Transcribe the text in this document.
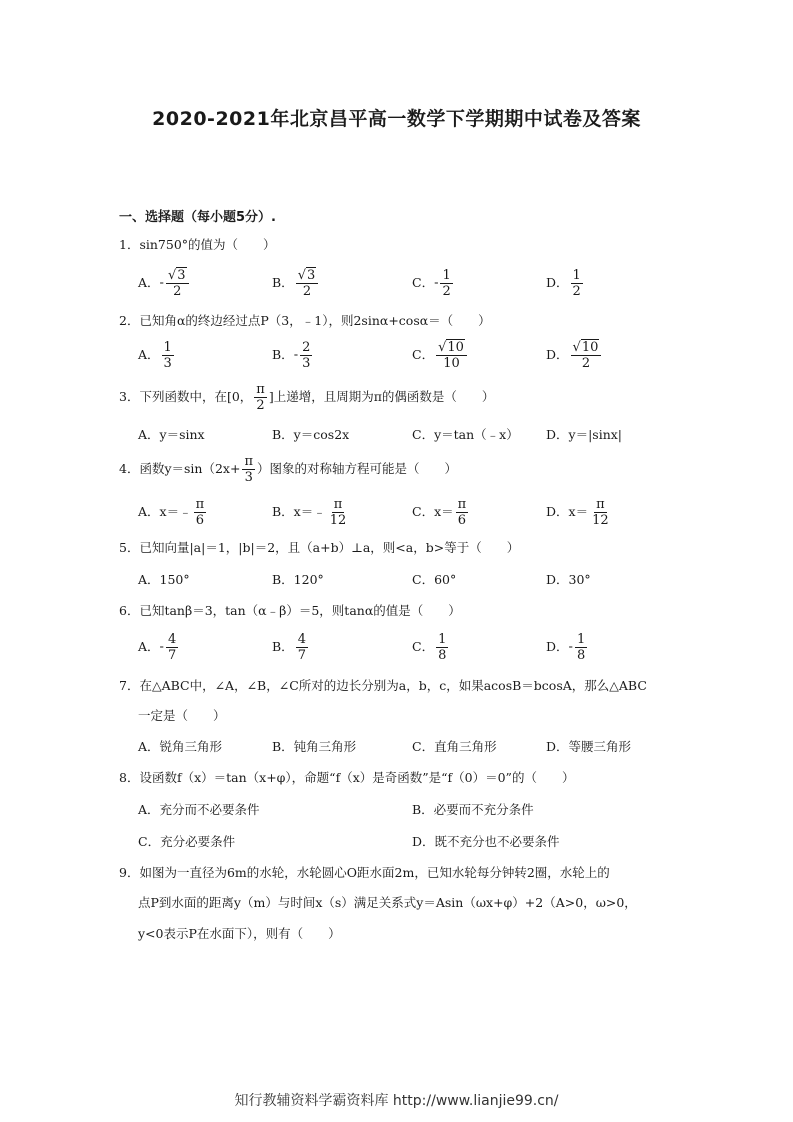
2020-2021年北京昌平高一数学下学期期中试卷及答案
一、选择题（每小题5分）.
1．sin750°的值为（　　）
A．- $\frac{√3}{2}$	B． $\frac{√3}{2}$	C．- $\frac{1}{2}$	D． $\frac{1}{2}$
2．已知角α的终边经过点P（3，﹣1），则2sinα+cosα＝（　　）
A． $\frac{1}{3}$	B．- $\frac{2}{3}$	C． $\frac{√10}{10}$	D． $\frac{√10}{2}$
3．下列函数中，在[0， $\frac{\pi}{2}$ ]上递增，且周期为π的偶函数是（　　）
A．y＝sinx	B．y＝cos2x	C．y＝tan（﹣x） D．y＝|sinx|
4．函数$y=\sin(2x+ \frac{\pi}{3}$ ）图象的对称轴方程可能是（　　）
A．x＝﹣ $\frac{\pi}{6}$	B．x＝﹣ $\frac{\pi}{12}$	C．$x= \frac{\pi}{6}$	D．$x= \frac{\pi}{12}$
5．已知向量|a|＝1，|b|＝2，且（a+b）⊥a，则<a，b>等于（　　）
A．150°	B．120°	C．60°	D．30°
6．已知tanβ＝3，tan（α﹣β）＝5，则tanα的值是（　　）
A．- $\frac{4}{7}$	B． $\frac{4}{7}$	C． $\frac{1}{8}$	D．- $\frac{1}{8}$
7．在△ABC中，∠A，∠B，∠C所对的边长分别为a，b，c，如果acosB＝bcosA，那么△ABC
一定是（　　）
A．锐角三角形	B．钝角三角形	C．直角三角形	D．等腰三角形
8．设函数f（x）＝tan（x+φ），命题“f（x）是奇函数”是“f（0）＝0”的（　　）
A．充分而不必要条件	B．必要而不充分条件
C．充分必要条件	D．既不充分也不必要条件
9．如图为一直径为6m的水轮，水轮圆心O距水面2m，已知水轮每分钟转2圈，水轮上的
点P到水面的距离y（m）与时间x（s）满足关系式y＝Asin（ωx+φ）+2（A>0，ω>0，
y<0表示P在水面下），则有（　　）
知行教辅资料学霸资料库 http://www.lianjie99.cn/
